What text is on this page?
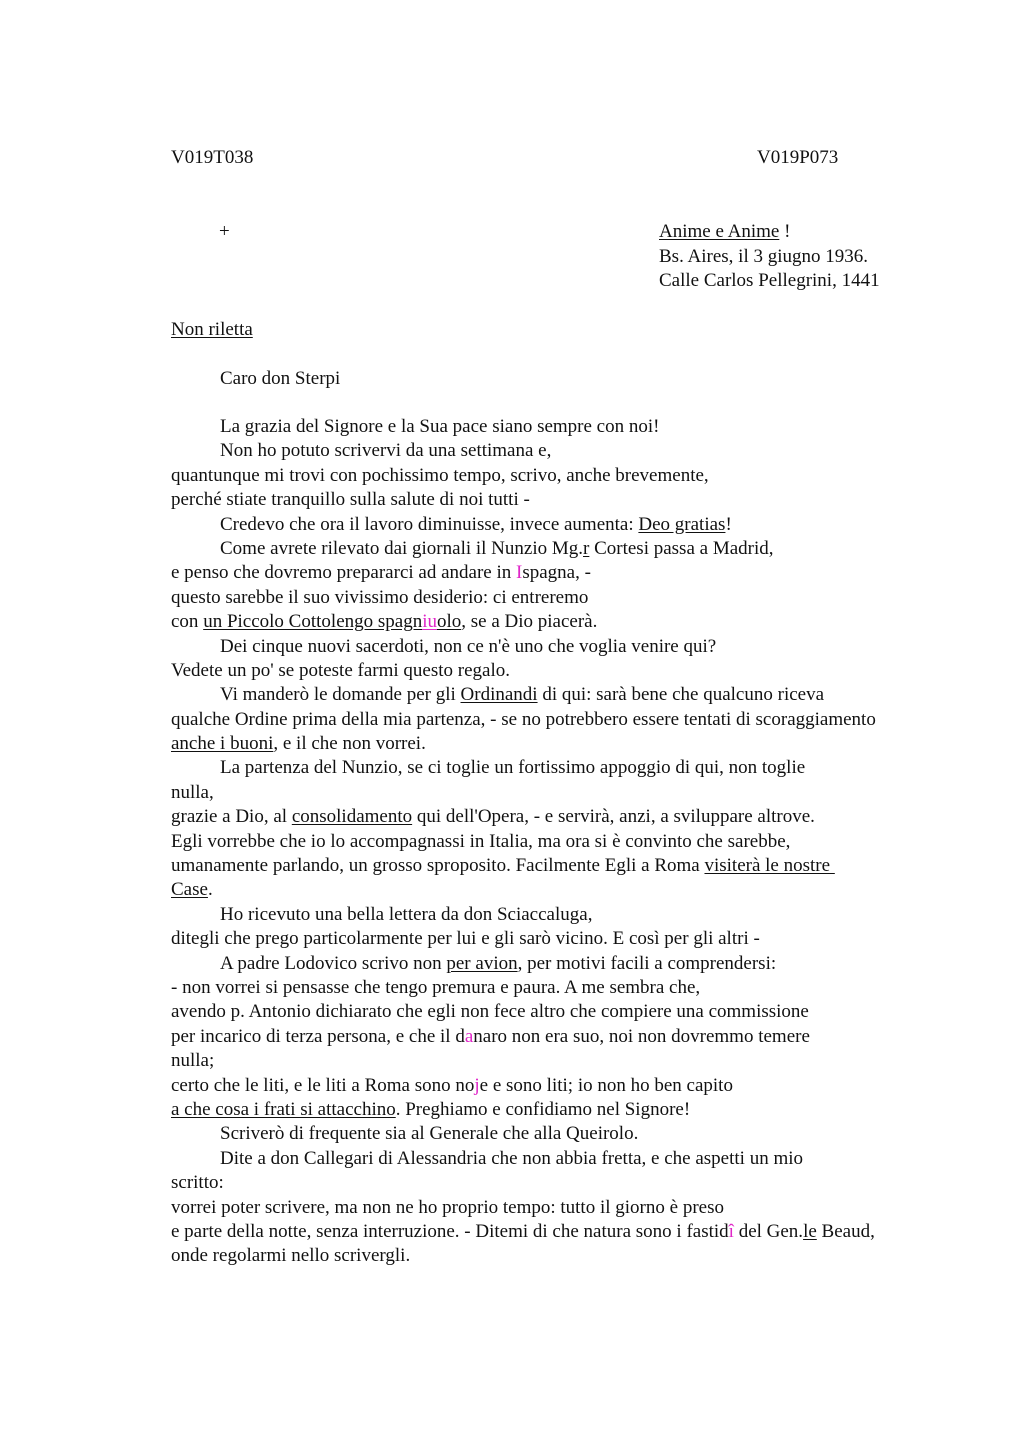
V019T038	V019P073
+	Anime e Anime !
Bs. Aires, il 3 giugno 1936.
Calle Carlos Pellegrini, 1441
Non riletta
Caro don Sterpi
La grazia del Signore e la Sua pace siano sempre con noi!
Non ho potuto scrivervi da una settimana e,
quantunque mi trovi con pochissimo tempo, scrivo, anche brevemente,
perché stiate tranquillo sulla salute di noi tutti -
Credevo che ora il lavoro diminuisse, invece aumenta: Deo gratias!
Come avrete rilevato dai giornali il Nunzio Mg.r Cortesi passa a Madrid,
e penso che dovremo prepararci ad andare in Ispagna, -
questo sarebbe il suo vivissimo desiderio: ci entreremo
con un Piccolo Cottolengo spagniuolo, se a Dio piacerà.
Dei cinque nuovi sacerdoti, non ce n'è uno che voglia venire qui?
Vedete un po' se poteste farmi questo regalo.
Vi manderò le domande per gli Ordinandi di qui: sarà bene che qualcuno riceva
qualche Ordine prima della mia partenza, - se no potrebbero essere tentati di scoraggiamento
anche i buoni, e il che non vorrei.
La partenza del Nunzio, se ci toglie un fortissimo appoggio di qui, non toglie
nulla,
grazie a Dio, al consolidamento qui dell'Opera, - e servirà, anzi, a sviluppare altrove.
Egli vorrebbe che io lo accompagnassi in Italia, ma ora si è convinto che sarebbe,
umanamente parlando, un grosso sproposito. Facilmente Egli a Roma visiterà le nostre
Case.
Ho ricevuto una bella lettera da don Sciaccaluga,
ditegli che prego particolarmente per lui e gli sarò vicino. E così per gli altri -
A padre Lodovico scrivo non per avion, per motivi facili a comprendersi:
- non vorrei si pensasse che tengo premura e paura. A me sembra che,
avendo p. Antonio dichiarato che egli non fece altro che compiere una commissione
per incarico di terza persona, e che il danaro non era suo, noi non dovremmo temere
nulla;
certo che le liti, e le liti a Roma sono noje e sono liti; io non ho ben capito
a che cosa i frati si attacchino. Preghiamo e confidiamo nel Signore!
Scriverò di frequente sia al Generale che alla Queirolo.
Dite a don Callegari di Alessandria che non abbia fretta, e che aspetti un mio
scritto:
vorrei poter scrivere, ma non ne ho proprio tempo: tutto il giorno è preso
e parte della notte, senza interruzione. - Ditemi di che natura sono i fastidî del Gen.le Beaud,
onde regolarmi nello scrivergli.
